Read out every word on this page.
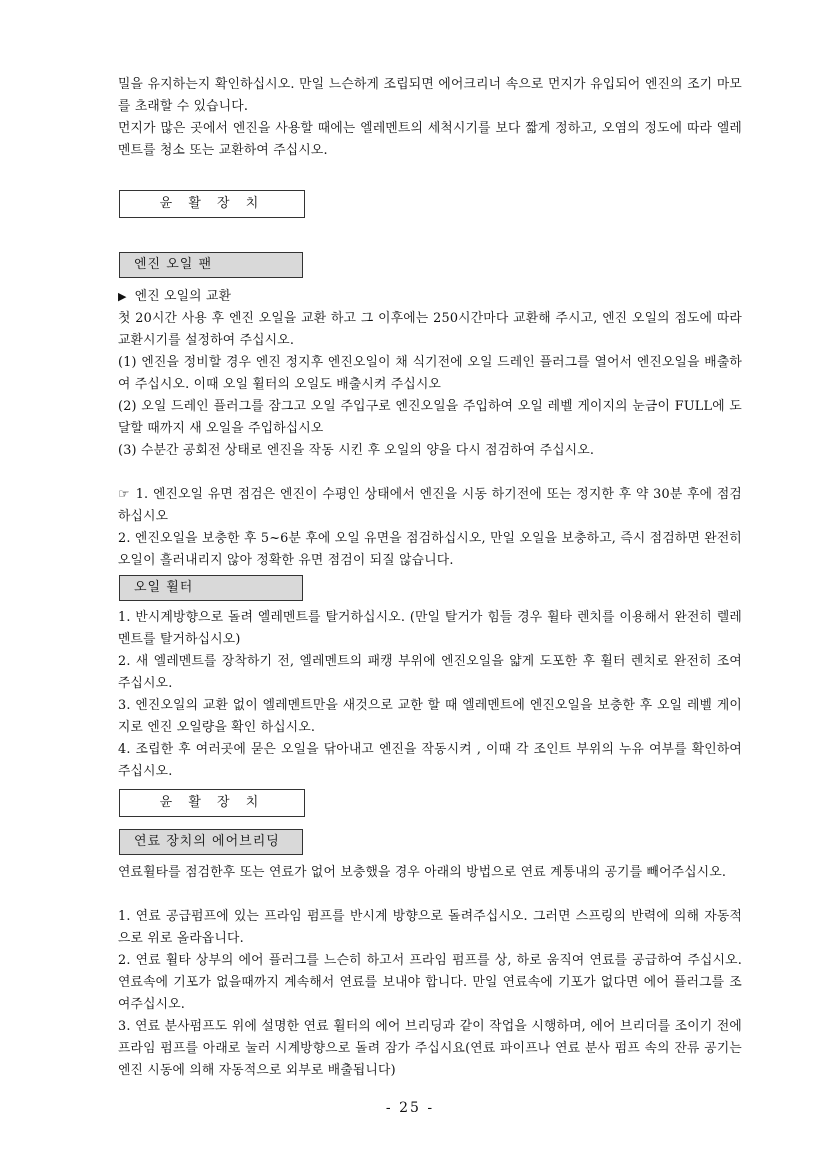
밀을 유지하는지 확인하십시오. 만일 느슨하게 조립되면 에어크리너 속으로 먼지가 유입되어 엔진의 조기 마모를 초래할 수 있습니다.

먼지가 많은 곳에서 엔진을 사용할 때에는 엘레멘트의 세척시기를 보다 짧게 정하고, 오염의 정도에 따라 엘레멘트를 청소 또는 교환하여 주십시오.

윤 활 장 치
엔진 오일 팬

▶ 엔진 오일의 교환

첫 20시간 사용 후 엔진 오일을 교환 하고 그 이후에는 250시간마다 교환해 주시고, 엔진 오일의 점도에 따라 교환시기를 설정하여 주십시오.

(1) 엔진을 정비할 경우 엔진 정지후 엔진오일이 채 식기전에 오일 드레인 플러그를 열어서 엔진오일을 배출하여 주십시오. 이때 오일 휠터의 오일도 배출시켜 주십시오

(2) 오일 드레인 플러그를 잠그고 오일 주입구로 엔진오일을 주입하여 오일 레벨 게이지의 눈금이 FULL에 도달할 때까지 새 오일을 주입하십시오

(3) 수분간 공회전 상태로 엔진을 작동 시킨 후 오일의 양을 다시 점검하여 주십시오.

☞ 1. 엔진오일 유면 점검은 엔진이 수평인 상태에서 엔진을 시동 하기전에 또는 정지한 후 약 30분 후에 점검하십시오

2. 엔진오일을 보충한 후 5~6분 후에 오일 유면을 점검하십시오, 만일 오일을 보충하고, 즉시 점검하면 완전히 오일이 흘러내리지 않아 정확한 유면 점검이 되질 않습니다.

오일 휠터

1. 반시계방향으로 돌려 엘레멘트를 탈거하십시오. (만일 탈거가 힘들 경우 휠타 렌치를 이용해서 완전히 렐레멘트를 탈거하십시오)

2. 새 엘레멘트를 장착하기 전, 엘레멘트의 패캥 부위에 엔진오일을 얇게 도포한 후 휠터 렌치로 완전히 조여 주십시오.

3. 엔진오일의 교환 없이 엘레멘트만을 새것으로 교한 할 때 엘레멘트에 엔진오일을 보충한 후 오일 레벨 게이지로 엔진 오일량을 확인 하십시오.

4. 조립한 후 여러곳에 묻은 오일을 닦아내고 엔진을 작동시켜 , 이때 각 조인트 부위의 누유 여부를 확인하여 주십시오.

윤 활 장 치
연료 장치의 에어브리딩

연료휠타를 점검한후 또는 연료가 없어 보충했을 경우 아래의 방법으로 연료 계통내의 공기를 빼어주십시오.

1. 연료 공급펌프에 있는 프라임 펌프를 반시계 방향으로 돌려주십시오. 그러면 스프링의 반력에 의해 자동적으로 위로 올라옵니다.

2. 연료 휠타 상부의 에어 플러그를 느슨히 하고서 프라임 펌프를 상, 하로 움직여 연료를 공급하여 주십시오. 연료속에 기포가 없을때까지 계속해서 연료를 보내야 합니다. 만일 연료속에 기포가 없다면 에어 플러그를 조여주십시오.

3. 연료 분사펌프도 위에 설명한 연료 휠터의 에어 브리딩과 같이 작업을 시행하며, 에어 브리더를 조이기 전에 프라임 펌프를 아래로 눌러 시계방향으로 돌려 잠가 주십시요(연료 파이프나 연료 분사 펌프 속의 잔류 공기는 엔진 시동에 의해 자동적으로 외부로 배출됩니다)

- 25 -
